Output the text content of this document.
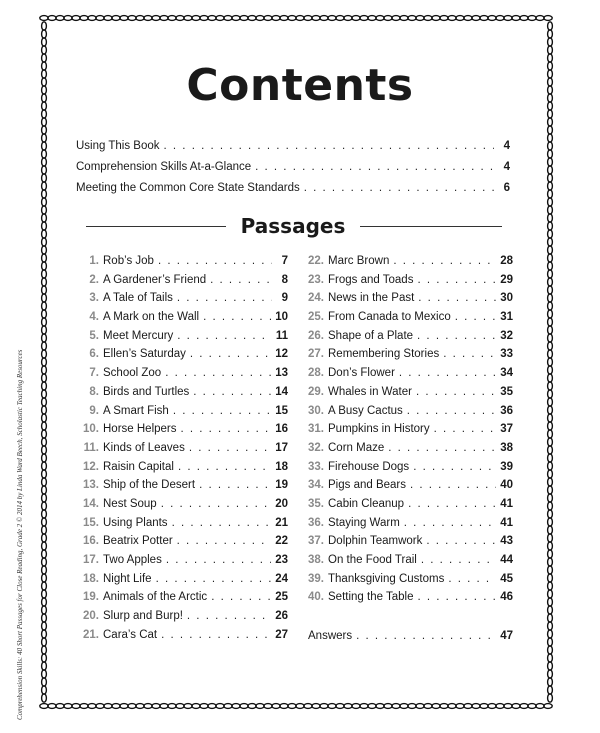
Comprehension Skills: 40 Short Passages for Close Reading, Grade 2 © 2014 by Linda Ward Beech, Scholastic Teaching Resources
Contents
Using This Book . . .	4
Comprehension Skills At-a-Glance . . .	4
Meeting the Common Core State Standards . . .	6
Passages
1. Rob’s Job . . .	7
2. A Gardener’s Friend . . .	8
3. A Tale of Tails . . .	9
4. A Mark on the Wall . . .	10
5. Meet Mercury . . .	11
6. Ellen’s Saturday . . .	12
7. School Zoo . . .	13
8. Birds and Turtles . . .	14
9. A Smart Fish . . .	15
10. Horse Helpers . . .	16
11. Kinds of Leaves . . .	17
12. Raisin Capital . . .	18
13. Ship of the Desert . . .	19
14. Nest Soup . . .	20
15. Using Plants . . .	21
16. Beatrix Potter . . .	22
17. Two Apples . . .	23
18. Night Life . . .	24
19. Animals of the Arctic . . .	25
20. Slurp and Burp! . . .	26
21. Cara’s Cat . . .	27
22. Marc Brown . . .	28
23. Frogs and Toads . . .	29
24. News in the Past . . .	30
25. From Canada to Mexico . . .	31
26. Shape of a Plate . . .	32
27. Remembering Stories . . .	33
28. Don’s Flower . . .	34
29. Whales in Water . . .	35
30. A Busy Cactus . . .	36
31. Pumpkins in History . . .	37
32. Corn Maze . . .	38
33. Firehouse Dogs . . .	39
34. Pigs and Bears . . .	40
35. Cabin Cleanup . . .	41
36. Staying Warm . . .	41
37. Dolphin Teamwork . . .	43
38. On the Food Trail . . .	44
39. Thanksgiving Customs . . .	45
40. Setting the Table . . .	46
Answers . . .	47
